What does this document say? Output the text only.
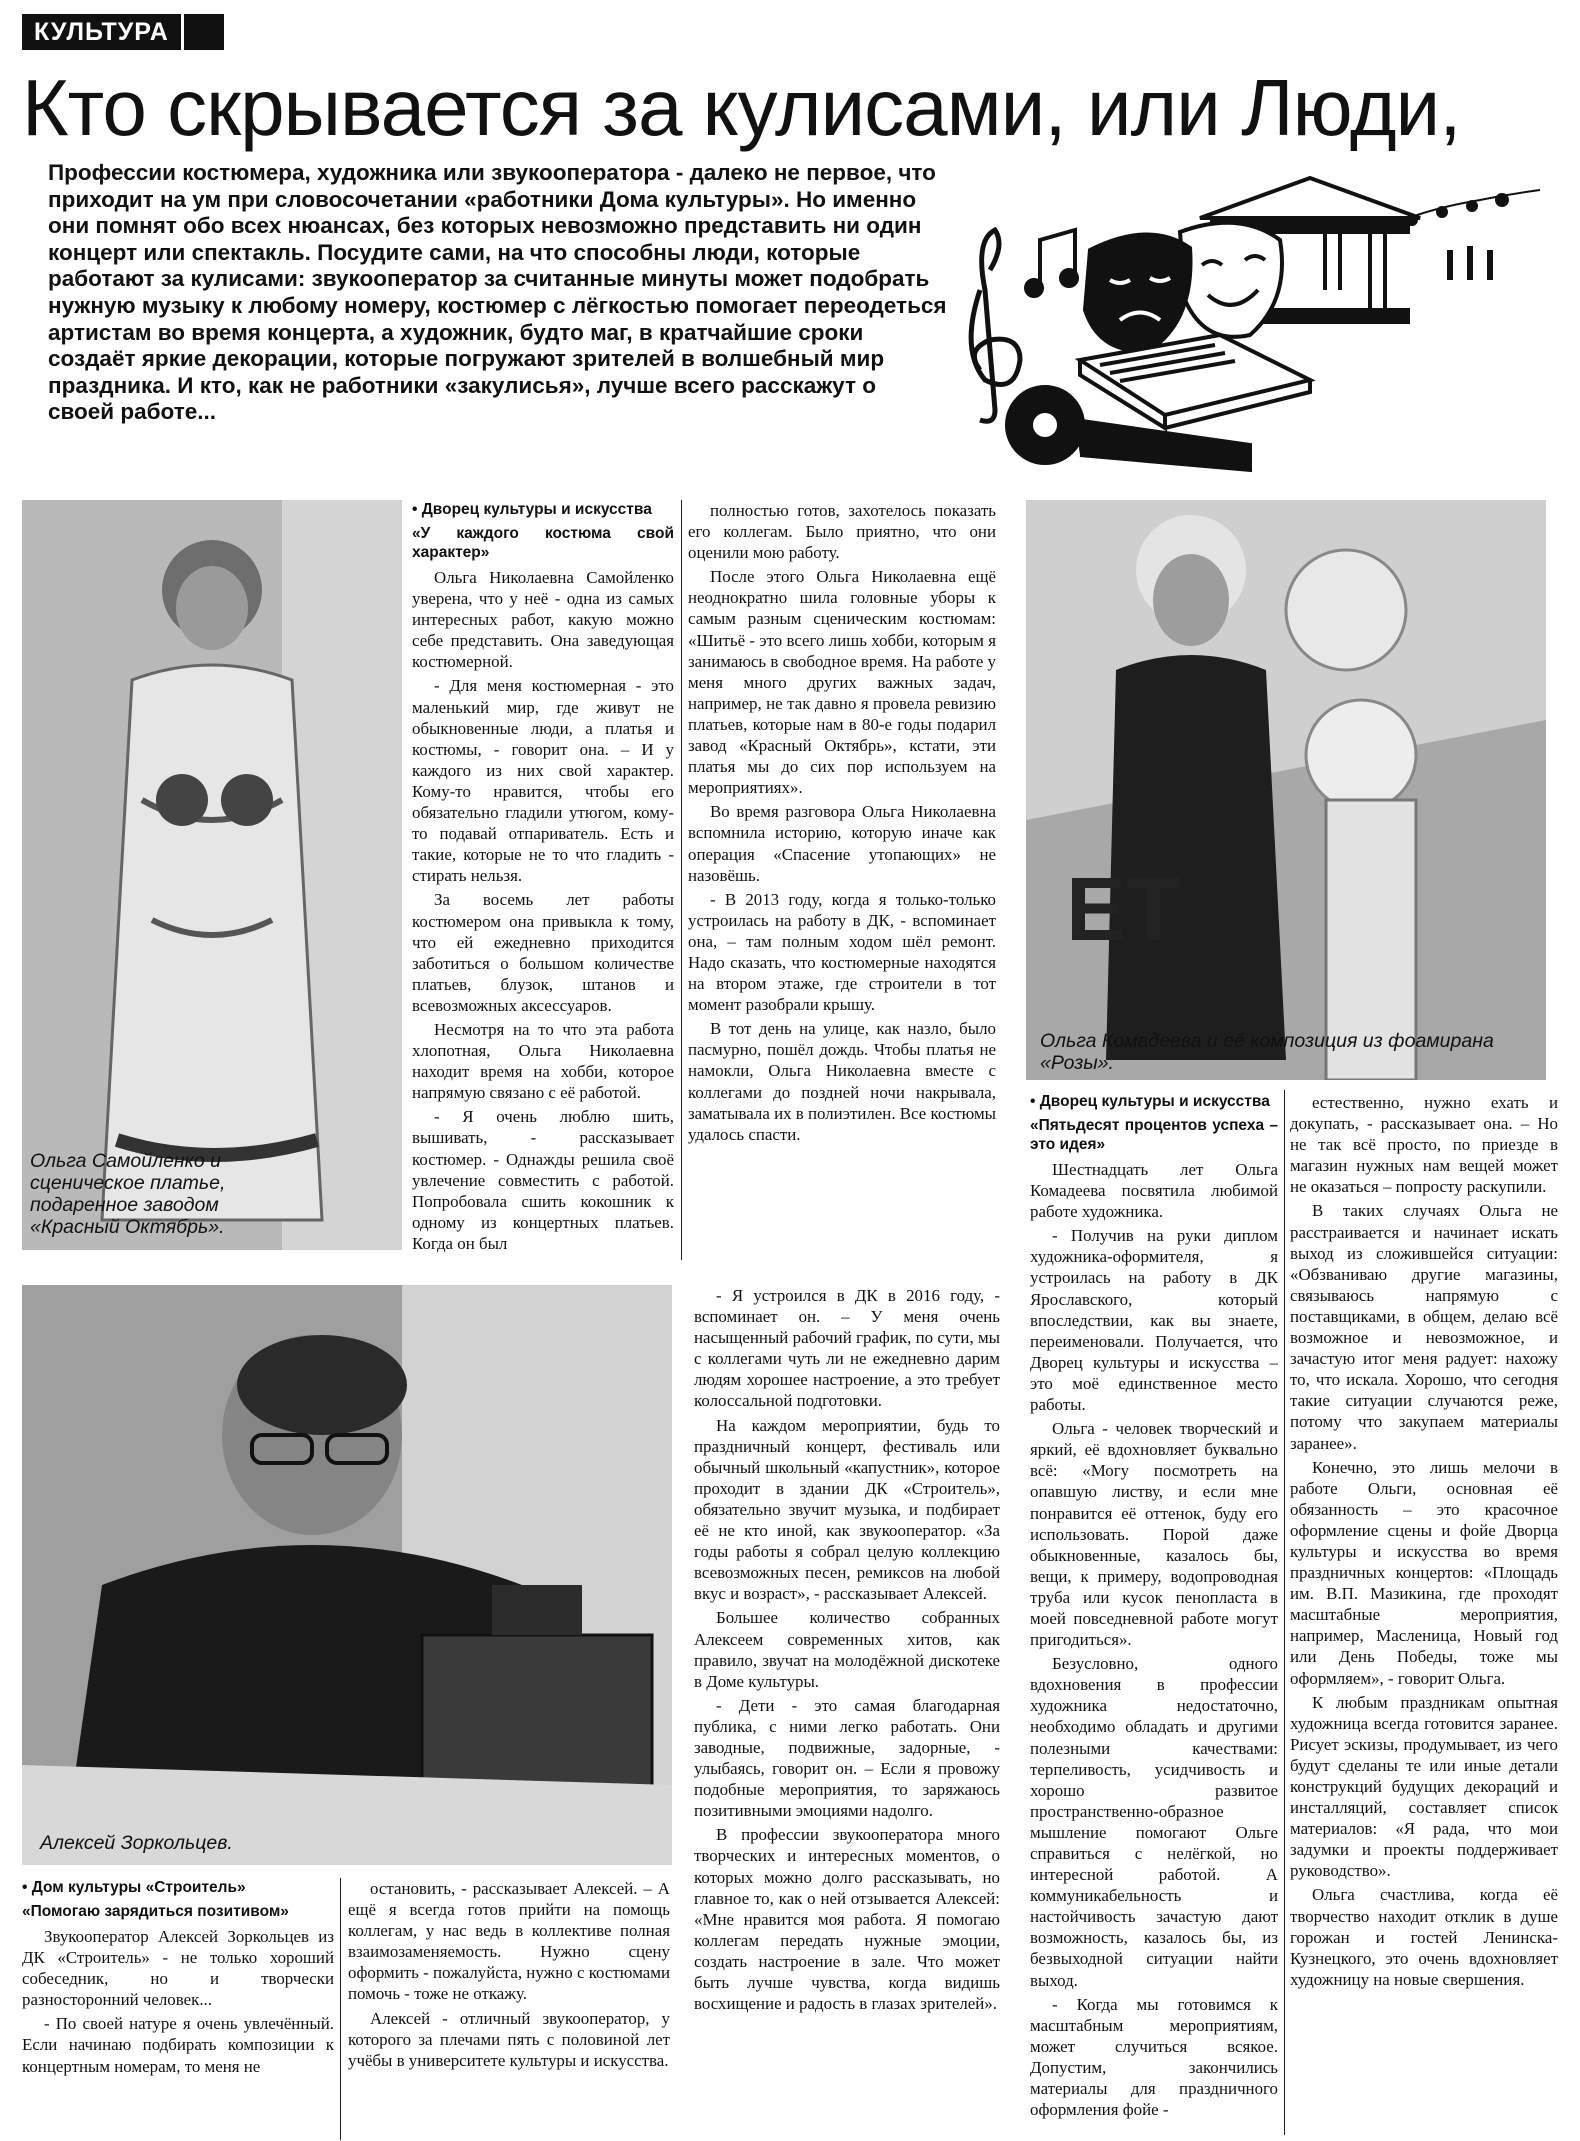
КУЛЬТУРА
Кто скрывается за кулисами, или Люди,
Профессии костюмера, художника или звукооператора - далеко не первое, что приходит на ум при словосочетании «работники Дома культуры». Но именно они помнят обо всех нюансах, без которых невозможно представить ни один концерт или спектакль. Посудите сами, на что способны люди, которые работают за кулисами: звукооператор за считанные минуты может подобрать нужную музыку к любому номеру, костюмер с лёгкостью помогает переодеться артистам во время концерта, а художник, будто маг, в кратчайшие сроки создаёт яркие декорации, которые погружают зрителей в волшебный мир праздника. И кто, как не работники «закулисья», лучше всего расскажут о своей работе...
Ольга Самойленко и сценическое платье, подаренное заводом «Красный Октябрь».

• Дворец культуры и искусства

«У каждого костюма свой характер»

Ольга Николаевна Самойленко уверена, что у неё - одна из самых интересных работ, какую можно себе представить. Она заведующая костюмерной.

- Для меня костюмерная - это маленький мир, где живут не обыкновенные люди, а платья и костюмы, - говорит она. – И у каждого из них свой характер. Кому-то нравится, чтобы его обязательно гладили утюгом, кому-то подавай отпариватель. Есть и такие, которые не то что гладить - стирать нельзя.

За восемь лет работы костюмером она привыкла к тому, что ей ежедневно приходится заботиться о большом количестве платьев, блузок, штанов и всевозможных аксессуаров.

Несмотря на то что эта работа хлопотная, Ольга Николаевна находит время на хобби, которое напрямую связано с её работой.

- Я очень люблю шить, вышивать, - рассказывает костюмер. - Однажды решила своё увлечение совместить с работой. Попробовала сшить кокошник к одному из концертных платьев. Когда он был

полностью готов, захотелось показать его коллегам. Было приятно, что они оценили мою работу.

После этого Ольга Николаевна ещё неоднократно шила головные уборы к самым разным сценическим костюмам: «Шитьё - это всего лишь хобби, которым я занимаюсь в свободное время. На работе у меня много других важных задач, например, не так давно я провела ревизию платьев, которые нам в 80-е годы подарил завод «Красный Октябрь», кстати, эти платья мы до сих пор используем на мероприятиях».

Во время разговора Ольга Николаевна вспомнила историю, которую иначе как операция «Спасение утопающих» не назовёшь.

- В 2013 году, когда я только-только устроилась на работу в ДК, - вспоминает она, – там полным ходом шёл ремонт. Надо сказать, что костюмерные находятся на втором этаже, где строители в тот момент разобрали крышу.

В тот день на улице, как назло, было пасмурно, пошёл дождь. Чтобы платья не намокли, Ольга Николаевна вместе с коллегами до поздней ночи накрывала, заматывала их в полиэтилен. Все костюмы удалось спасти.

ЕТ
Ольга Комадеева и её композиция из фоамирана «Розы».

• Дворец культуры и искусства

«Пятьдесят процентов успеха – это идея»

Шестнадцать лет Ольга Комадеева посвятила любимой работе художника.

- Получив на руки диплом художника-оформителя, я устроилась на работу в ДК Ярославского, который впоследствии, как вы знаете, переименовали. Получается, что Дворец культуры и искусства – это моё единственное место работы.

Ольга - человек творческий и яркий, её вдохновляет буквально всё: «Могу посмотреть на опавшую листву, и если мне понравится её оттенок, буду его использовать. Порой даже обыкновенные, казалось бы, вещи, к примеру, водопроводная труба или кусок пенопласта в моей повседневной работе могут пригодиться».

Безусловно, одного вдохновения в профессии художника недостаточно, необходимо обладать и другими полезными качествами: терпеливость, усидчивость и хорошо развитое пространственно-образное мышление помогают Ольге справиться с нелёгкой, но интересной работой. А коммуникабельность и настойчивость зачастую дают возможность, казалось бы, из безвыходной ситуации найти выход.

- Когда мы готовимся к масштабным мероприятиям, может случиться всякое. Допустим, закончились материалы для праздничного оформления фойе -

естественно, нужно ехать и докупать, - рассказывает она. – Но не так всё просто, по приезде в магазин нужных нам вещей может не оказаться – попросту раскупили.

В таких случаях Ольга не расстраивается и начинает искать выход из сложившейся ситуации: «Обзваниваю другие магазины, связываюсь напрямую с поставщиками, в общем, делаю всё возможное и невозможное, и зачастую итог меня радует: нахожу то, что искала. Хорошо, что сегодня такие ситуации случаются реже, потому что закупаем материалы заранее».

Конечно, это лишь мелочи в работе Ольги, основная её обязанность – это красочное оформление сцены и фойе Дворца культуры и искусства во время праздничных концертов: «Площадь им. В.П. Мазикина, где проходят масштабные мероприятия, например, Масленица, Новый год или День Победы, тоже мы оформляем», - говорит Ольга.

К любым праздникам опытная художница всегда готовится заранее. Рисует эскизы, продумывает, из чего будут сделаны те или иные детали конструкций будущих декораций и инсталляций, составляет список материалов: «Я рада, что мои задумки и проекты поддерживает руководство».

Ольга счастлива, когда её творчество находит отклик в душе горожан и гостей Ленинска-Кузнецкого, это очень вдохновляет художницу на новые свершения.

Алексей Зоркольцев.

- Я устроился в ДК в 2016 году, - вспоминает он. – У меня очень насыщенный рабочий график, по сути, мы с коллегами чуть ли не ежедневно дарим людям хорошее настроение, а это требует колоссальной подготовки.

На каждом мероприятии, будь то праздничный концерт, фестиваль или обычный школьный «капустник», которое проходит в здании ДК «Строитель», обязательно звучит музыка, и подбирает её не кто иной, как звукооператор. «За годы работы я собрал целую коллекцию всевозможных песен, ремиксов на любой вкус и возраст», - рассказывает Алексей.

Большее количество собранных Алексеем современных хитов, как правило, звучат на молодёжной дискотеке в Доме культуры.

- Дети - это самая благодарная публика, с ними легко работать. Они заводные, подвижные, задорные, - улыбаясь, говорит он. – Если я провожу подобные мероприятия, то заряжаюсь позитивными эмоциями надолго.

В профессии звукооператора много творческих и интересных моментов, о которых можно долго рассказывать, но главное то, как о ней отзывается Алексей: «Мне нравится моя работа. Я помогаю коллегам передать нужные эмоции, создать настроение в зале. Что может быть лучше чувства, когда видишь восхищение и радость в глазах зрителей».

• Дом культуры «Строитель»

«Помогаю зарядиться позитивом»

Звукооператор Алексей Зоркольцев из ДК «Строитель» - не только хороший собеседник, но и творчески разносторонний человек...

- По своей натуре я очень увлечённый. Если начинаю подбирать композиции к концертным номерам, то меня не

остановить, - рассказывает Алексей. – А ещё я всегда готов прийти на помощь коллегам, у нас ведь в коллективе полная взаимозаменяемость. Нужно сцену оформить - пожалуйста, нужно с костюмами помочь - тоже не откажу.

Алексей - отличный звукооператор, у которого за плечами пять с половиной лет учёбы в университете культуры и искусства.
